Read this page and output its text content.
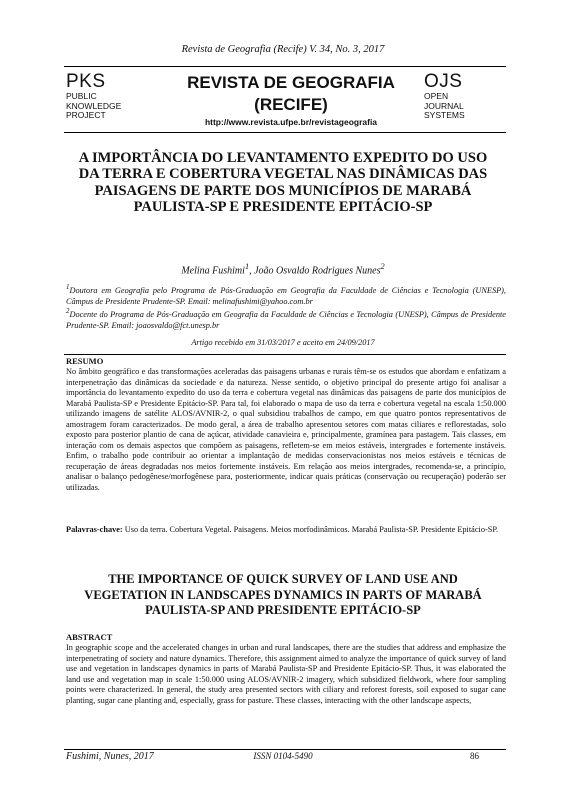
Revista de Geografia (Recife) V. 34, No. 3, 2017
PKS
PUBLIC
KNOWLEDGE
PROJECT
REVISTA DE GEOGRAFIA
(RECIFE)
http://www.revista.ufpe.br/revistageografia
OJS
OPEN
JOURNAL
SYSTEMS
A IMPORTÂNCIA DO LEVANTAMENTO EXPEDITO DO USO DA TERRA E COBERTURA VEGETAL NAS DINÂMICAS DAS PAISAGENS DE PARTE DOS MUNICÍPIOS DE MARABÁ PAULISTA-SP E PRESIDENTE EPITÁCIO-SP
Melina Fushimi$^1$, João Osvaldo Rodrigues Nunes$^2$
$^1$Doutora em Geografia pelo Programa de Pós-Graduação em Geografia da Faculdade de Ciências e Tecnologia (UNESP), Câmpus de Presidente Prudente-SP. Email: melinafushimi@yahoo.com.br
$^2$Docente do Programa de Pós-Graduação em Geografia da Faculdade de Ciências e Tecnologia (UNESP), Câmpus de Presidente Prudente-SP. Email: joaosvaldo@fct.unesp.br
Artigo recebido em 31/03/2017 e aceito em 24/09/2017
RESUMO
No âmbito geográfico e das transformações aceleradas das paisagens urbanas e rurais têm-se os estudos que abordam e enfatizam a interpenetração das dinâmicas da sociedade e da natureza. Nesse sentido, o objetivo principal do presente artigo foi analisar a importância do levantamento expedito do uso da terra e cobertura vegetal nas dinâmicas das paisagens de parte dos municípios de Marabá Paulista-SP e Presidente Epitácio-SP. Para tal, foi elaborado o mapa de uso da terra e cobertura vegetal na escala 1:50.000 utilizando imagens de satélite ALOS/AVNIR-2, o qual subsidiou trabalhos de campo, em que quatro pontos representativos de amostragem foram caracterizados. De modo geral, a área de trabalho apresentou setores com matas ciliares e reflorestadas, solo exposto para posterior plantio de cana de açúcar, atividade canavieira e, principalmente, gramínea para pastagem. Tais classes, em interação com os demais aspectos que compõem as paisagens, refletem-se em meios estáveis, intergrades e fortemente instáveis. Enfim, o trabalho pode contribuir ao orientar a implantação de medidas conservacionistas nos meios estáveis e técnicas de recuperação de áreas degradadas nos meios fortemente instáveis. Em relação aos meios intergrades, recomenda-se, a princípio, analisar o balanço pedogênese/morfogênese para, posteriormente, indicar quais práticas (conservação ou recuperação) poderão ser utilizadas.
Palavras-chave: Uso da terra. Cobertura Vegetal. Paisagens. Meios morfodinâmicos. Marabá Paulista-SP. Presidente Epitácio-SP.
THE IMPORTANCE OF QUICK SURVEY OF LAND USE AND VEGETATION IN LANDSCAPES DYNAMICS IN PARTS OF MARABÁ PAULISTA-SP AND PRESIDENTE EPITÁCIO-SP
ABSTRACT
In geographic scope and the accelerated changes in urban and rural landscapes, there are the studies that address and emphasize the interpenetrating of society and nature dynamics. Therefore, this assignment aimed to analyze the importance of quick survey of land use and vegetation in landscapes dynamics in parts of Marabá Paulista-SP and Presidente Epitácio-SP. Thus, it was elaborated the land use and vegetation map in scale 1:50.000 using ALOS/AVNIR-2 imagery, which subsidized fieldwork, where four sampling points were characterized. In general, the study area presented sectors with ciliary and reforest forests, soil exposed to sugar cane planting, sugar cane planting and, especially, grass for pasture. These classes, interacting with the other landscape aspects,
Fushimi, Nunes, 2017	ISSN 0104-5490	86
